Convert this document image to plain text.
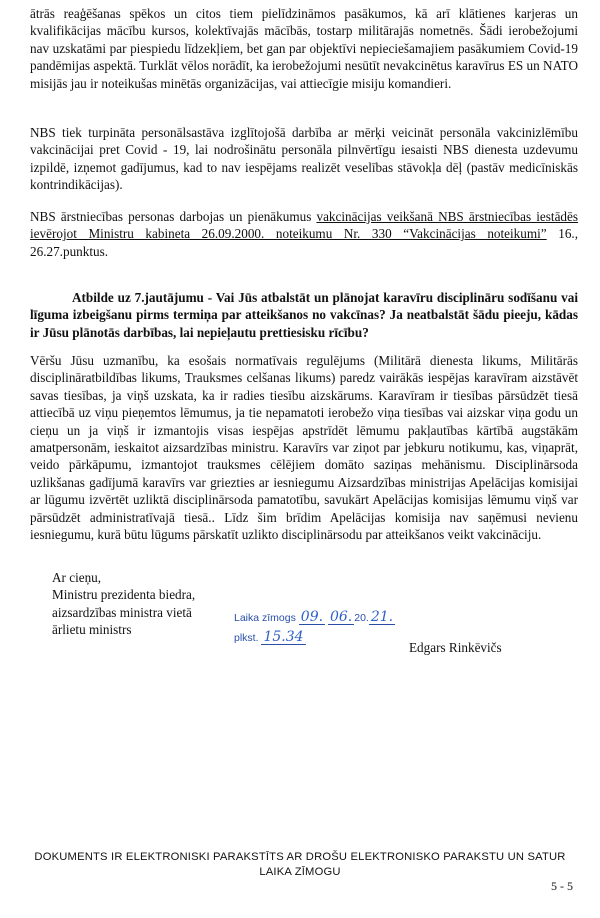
ātrās reaģēšanas spēkos un citos tiem pielīdzināmos pasākumos, kā arī klātienes karjeras un kvalifikācijas mācību kursos, kolektīvajās mācībās, tostarp militārajās nometnēs. Šādi ierobežojumi nav uzskatāmi par piespiedu līdzekļiem, bet gan par objektīvi nepieciešamajiem pasākumiem Covid-19 pandēmijas aspektā. Turklāt vēlos norādīt, ka ierobežojumi nesūtīt nevakcinētus karavīrus ES un NATO misijās jau ir noteikušas minētās organizācijas, vai attiecīgie misiju komandieri.

NBS tiek turpināta personālsastāva izglītojošā darbība ar mērķi veicināt personāla vakcinizlēmību vakcinācijai pret Covid - 19, lai nodrošinātu personāla pilnvērtīgu iesaisti NBS dienesta uzdevumu izpildē, izņemot gadījumus, kad to nav iespējams realizēt veselības stāvokļa dēļ (pastāv medicīniskās kontrindikācijas).

NBS ārstniecības personas darbojas un pienākumus vakcinācijas veikšanā NBS ārstniecības iestādēs ievērojot Ministru kabineta 26.09.2000. noteikumu Nr. 330 “Vakcinācijas noteikumi” 16., 26.27.punktus.

Atbilde uz 7.jautājumu - Vai Jūs atbalstāt un plānojat karavīru disciplināru sodīšanu vai līguma izbeigšanu pirms termiņa par atteikšanos no vakcīnas? Ja neatbalstāt šādu pieeju, kādas ir Jūsu plānotās darbības, lai nepieļautu prettiesisku rīcību?

Vēršu Jūsu uzmanību, ka esošais normatīvais regulējums (Militārā dienesta likums, Militārās disciplināratbildības likums, Trauksmes celšanas likums) paredz vairākās iespējas karavīram aizstāvēt savas tiesības, ja viņš uzskata, ka ir radies tiesību aizskārums. Karavīram ir tiesības pārsūdzēt tiesā attiecībā uz viņu pieņemtos lēmumus, ja tie nepamatoti ierobežo viņa tiesības vai aizskar viņa godu un cieņu un ja viņš ir izmantojis visas iespējas apstrīdēt lēmumu pakļautības kārtībā augstākām amatpersonām, ieskaitot aizsardzības ministru. Karavīrs var ziņot par jebkuru notikumu, kas, viņaprāt, veido pārkāpumu, izmantojot trauksmes cēlējiem domāto saziņas mehānismu. Disciplinārsoda uzlikšanas gadījumā karavīrs var griezties ar iesniegumu Aizsardzības ministrijas Apelācijas komisijai ar lūgumu izvērtēt uzliktā disciplinārsoda pamatotību, savukārt Apelācijas komisijas lēmumu viņš var pārsūdzēt administratīvajā tiesā.. Līdz šim brīdim Apelācijas komisija nav saņēmusi nevienu iesniegumu, kurā būtu lūgums pārskatīt uzlikto disciplinārsodu par atteikšanos veikt vakcināciju.

Ar cieņu,
Ministru prezidenta biedra,
aizsardzības ministra vietā
ārlietu ministrs
Laika zīmogs 09. 06. 20. 21.
plkst. 15.34
Edgars Rinkēvičs
DOKUMENTS IR ELEKTRONISKI PARAKSTĪTS AR DROŠU ELEKTRONISKO PARAKSTU UN SATUR
LAIKA ZĪMOGU
5 - 5
